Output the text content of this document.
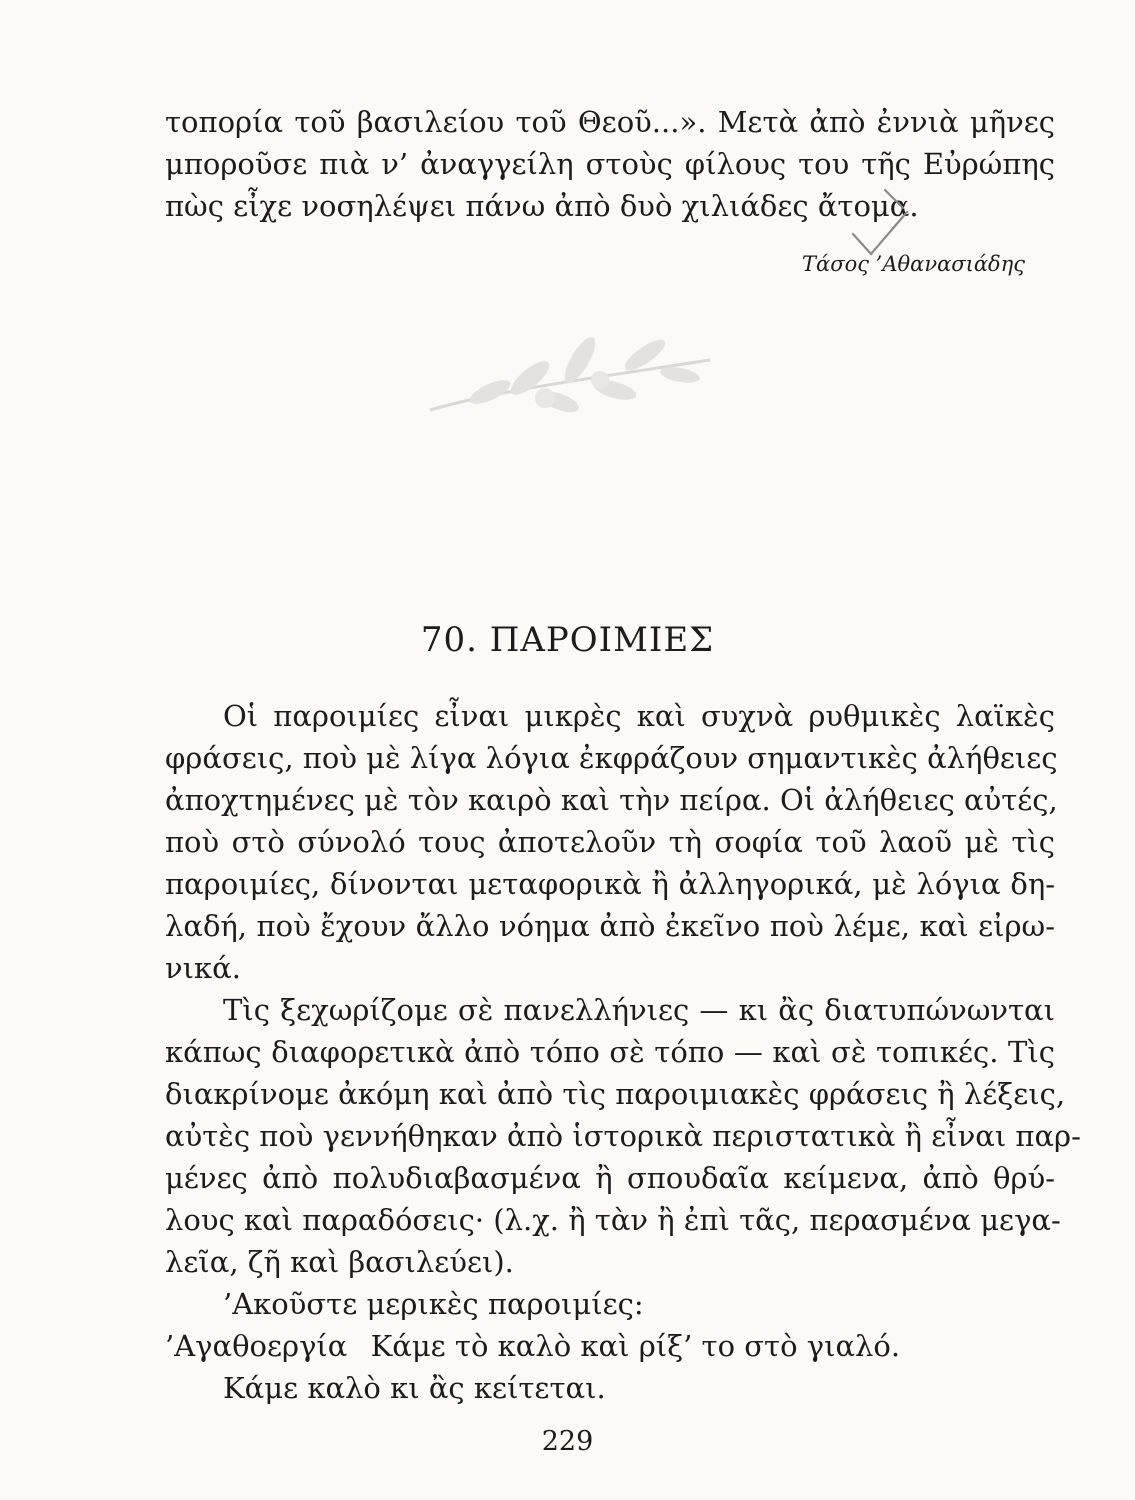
τοπορία τοῦ βασιλείου τοῦ Θεοῦ...». Μετὰ ἀπὸ ἐννιὰ μῆνες
μποροῦσε πιὰ ν’ ἀναγγείλη στοὺς φίλους του τῆς Εὐρώπης
πὼς εἶχε νοσηλέψει πάνω ἀπὸ δυὸ χιλιάδες ἄτομα.
Τάσος ’Αθανασιάδης
70. ΠΑΡΟΙΜΙΕΣ
Οἱ παροιμίες εἶναι μικρὲς καὶ συχνὰ ρυθμικὲς λαϊκὲς
φράσεις, ποὺ μὲ λίγα λόγια ἐκφράζουν σημαντικὲς ἀλήθειες
ἀποχτημένες μὲ τὸν καιρὸ καὶ τὴν πείρα. Οἱ ἀλήθειες αὐτές,
ποὺ στὸ σύνολό τους ἀποτελοῦν τὴ σοφία τοῦ λαοῦ μὲ τὶς
παροιμίες, δίνονται μεταφορικὰ ἢ ἀλληγορικά, μὲ λόγια δη-
λαδή, ποὺ ἔχουν ἄλλο νόημα ἀπὸ ἐκεῖνο ποὺ λέμε, καὶ εἰρω-
νικά.
Τὶς ξεχωρίζομε σὲ πανελλήνιες — κι ἂς διατυπώνωνται
κάπως διαφορετικὰ ἀπὸ τόπο σὲ τόπο — καὶ σὲ τοπικές. Τὶς
διακρίνομε ἀκόμη καὶ ἀπὸ τὶς παροιμιακὲς φράσεις ἢ λέξεις,
αὐτὲς ποὺ γεννήθηκαν ἀπὸ ἱστορικὰ περιστατικὰ ἢ εἶναι παρ-
μένες ἀπὸ πολυδιαβασμένα ἢ σπουδαῖα κείμενα, ἀπὸ θρύ-
λους καὶ παραδόσεις· (λ.χ. ἢ τὰν ἢ ἐπὶ τᾶς, περασμένα μεγα-
λεῖα, ζῆ καὶ βασιλεύει).
’Ακοῦστε μερικὲς παροιμίες:
’Αγαθοεργία Κάμε τὸ καλὸ καὶ ρίξ’ το στὸ γιαλό.
Κάμε καλὸ κι ἂς κείτεται.
229
